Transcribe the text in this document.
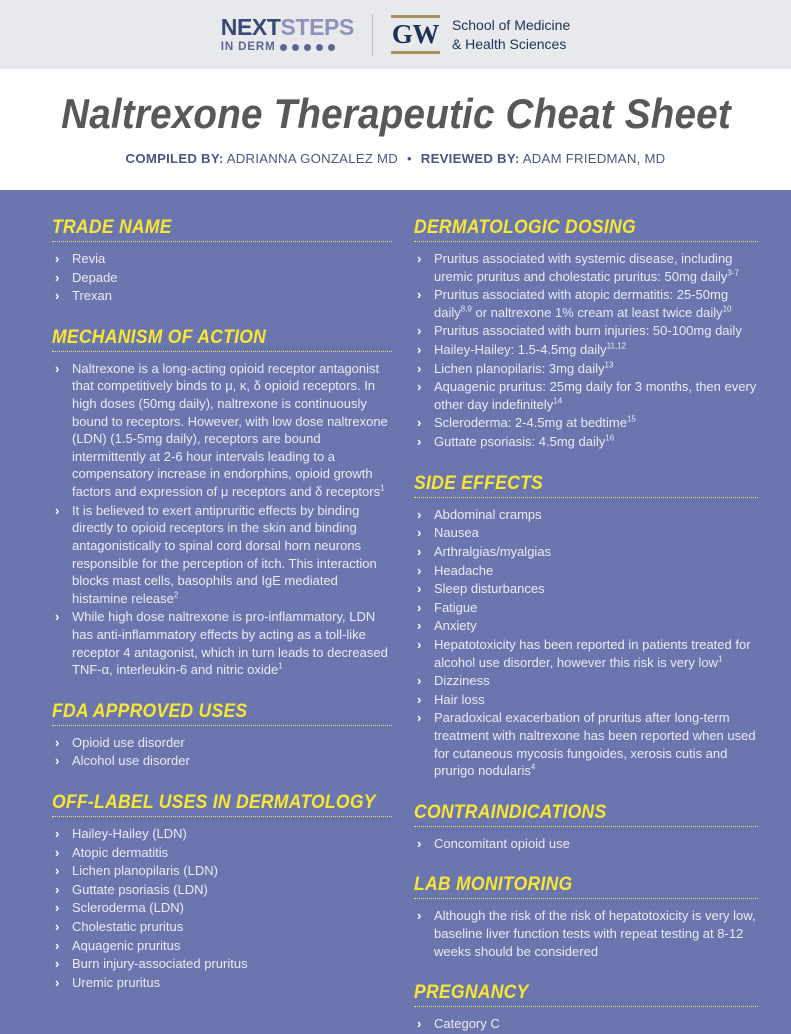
NEXTSTEPS
IN DERM	GW School of Medicine
& Health Sciences
Naltrexone Therapeutic Cheat Sheet
COMPILED BY: ADRIANNA GONZALEZ MD • REVIEWED BY: ADAM FRIEDMAN, MD
TRADE NAME
› Revia
› Depade
› Trexan
MECHANISM OF ACTION
› Naltrexone is a long-acting opioid receptor antagonist that competitively binds to μ, κ, δ opioid receptors. In high doses (50mg daily), naltrexone is continuously bound to receptors. However, with low dose naltrexone (LDN) (1.5-5mg daily), receptors are bound intermittently at 2-6 hour intervals leading to a compensatory increase in endorphins, opioid growth factors and expression of μ receptors and δ receptors$^1$
› It is believed to exert antipruritic effects by binding directly to opioid receptors in the skin and binding antagonistically to spinal cord dorsal horn neurons responsible for the perception of itch. This interaction blocks mast cells, basophils and IgE mediated histamine release$^2$
› While high dose naltrexone is pro-inflammatory, LDN has anti-inflammatory effects by acting as a toll-like receptor 4 antagonist, which in turn leads to decreased TNF-α, interleukin-6 and nitric oxide$^1$
FDA APPROVED USES
› Opioid use disorder
› Alcohol use disorder
OFF-LABEL USES IN DERMATOLOGY
› Hailey-Hailey (LDN)
› Atopic dermatitis
› Lichen planopilaris (LDN)
› Guttate psoriasis (LDN)
› Scleroderma (LDN)
› Cholestatic pruritus
› Aquagenic pruritus
› Burn injury-associated pruritus
› Uremic pruritus
DERMATOLOGIC DOSING
› Pruritus associated with systemic disease, including uremic pruritus and cholestatic pruritus: 50mg daily$^{3-7}$
› Pruritus associated with atopic dermatitis: 25-50mg daily$^{8,9}$ or naltrexone 1% cream at least twice daily$^{10}$
› Pruritus associated with burn injuries: 50-100mg daily
› Hailey-Hailey: 1.5-4.5mg daily$^{11,12}$
› Lichen planopilaris: 3mg daily$^{13}$
› Aquagenic pruritus: 25mg daily for 3 months, then every other day indefinitely$^{14}$
› Scleroderma: 2-4.5mg at bedtime$^{15}$
› Guttate psoriasis: 4.5mg daily$^{16}$
SIDE EFFECTS
› Abdominal cramps
› Nausea
› Arthralgias/myalgias
› Headache
› Sleep disturbances
› Fatigue
› Anxiety
› Hepatotoxicity has been reported in patients treated for alcohol use disorder, however this risk is very low$^1$
› Dizziness
› Hair loss
› Paradoxical exacerbation of pruritus after long-term treatment with naltrexone has been reported when used for cutaneous mycosis fungoides, xerosis cutis and prurigo nodularis$^4$
CONTRAINDICATIONS
› Concomitant opioid use
LAB MONITORING
› Although the risk of the risk of hepatotoxicity is very low, baseline liver function tests with repeat testing at 8-12 weeks should be considered
PREGNANCY
› Category C
